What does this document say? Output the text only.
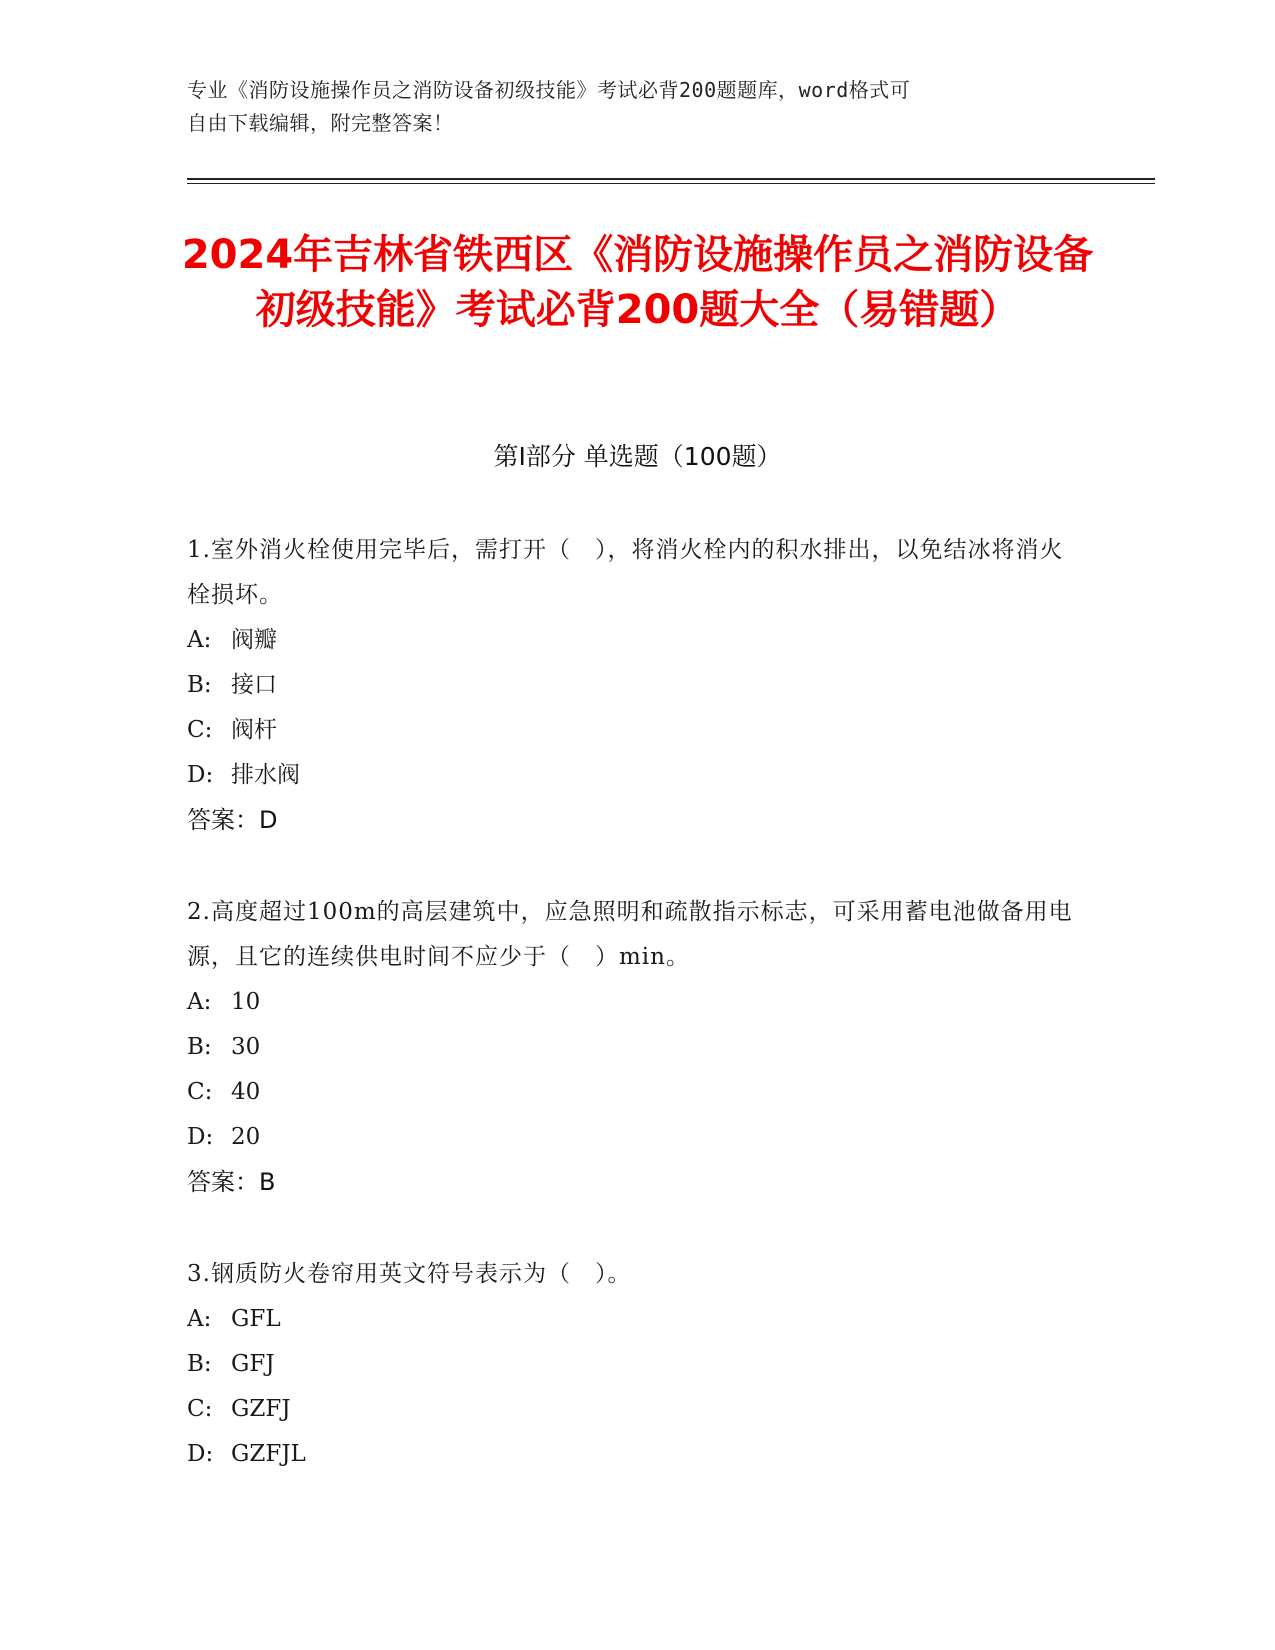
专业《消防设施操作员之消防设备初级技能》考试必背200题题库，word格式可
自由下载编辑，附完整答案！
2024年吉林省铁西区《消防设施操作员之消防设备初级技能》考试必背200题大全（易错题）
第I部分 单选题（100题）
1.室外消火栓使用完毕后，需打开（　），将消火栓内的积水排出，以免结冰将消火栓损坏。
A: 阀瓣
B: 接口
C: 阀杆
D: 排水阀
答案：D
2.高度超过100m的高层建筑中，应急照明和疏散指示标志，可采用蓄电池做备用电源，且它的连续供电时间不应少于（　）min。
A: 10
B: 30
C: 40
D: 20
答案：B
3.钢质防火卷帘用英文符号表示为（　）。
A: GFL
B: GFJ
C: GZFJ
D: GZFJL
